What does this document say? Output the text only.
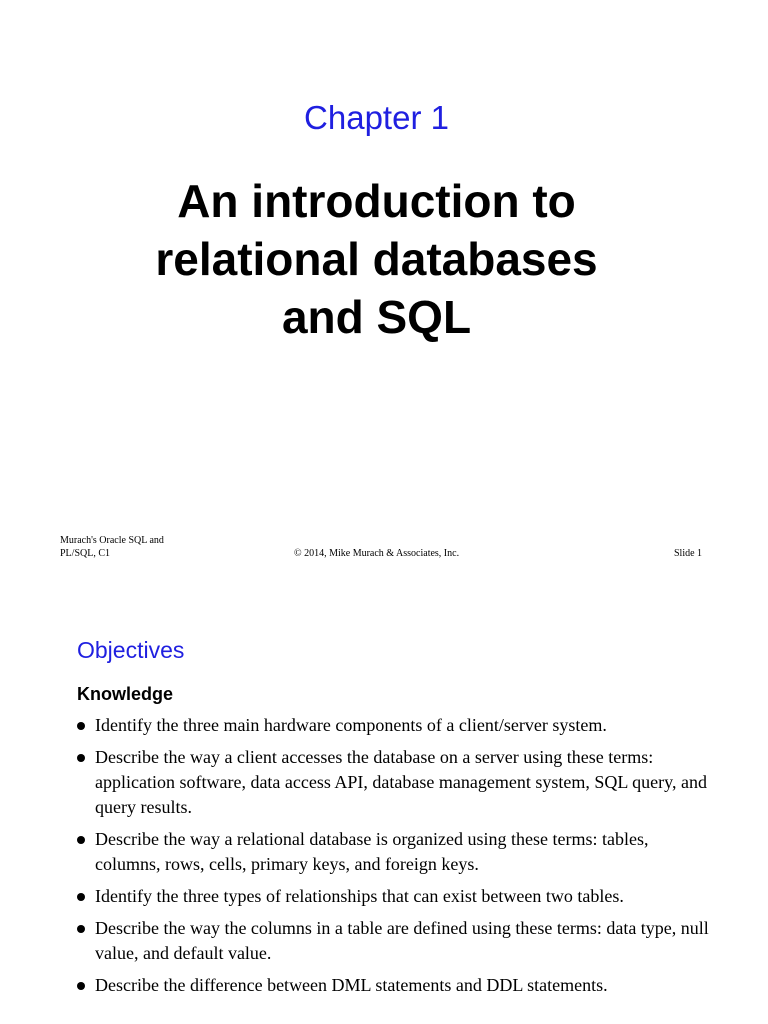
Chapter 1
An introduction to
relational databases
and SQL
Murach's Oracle SQL and
PL/SQL, C1	© 2014, Mike Murach & Associates, Inc.	Slide 1
Objectives
Knowledge
Identify the three main hardware components of a client/server system.
Describe the way a client accesses the database on a server using these terms: application software, data access API, database management system, SQL query, and query results.
Describe the way a relational database is organized using these terms: tables, columns, rows, cells, primary keys, and foreign keys.
Identify the three types of relationships that can exist between two tables.
Describe the way the columns in a table are defined using these terms: data type, null value, and default value.
Describe the difference between DML statements and DDL statements.
